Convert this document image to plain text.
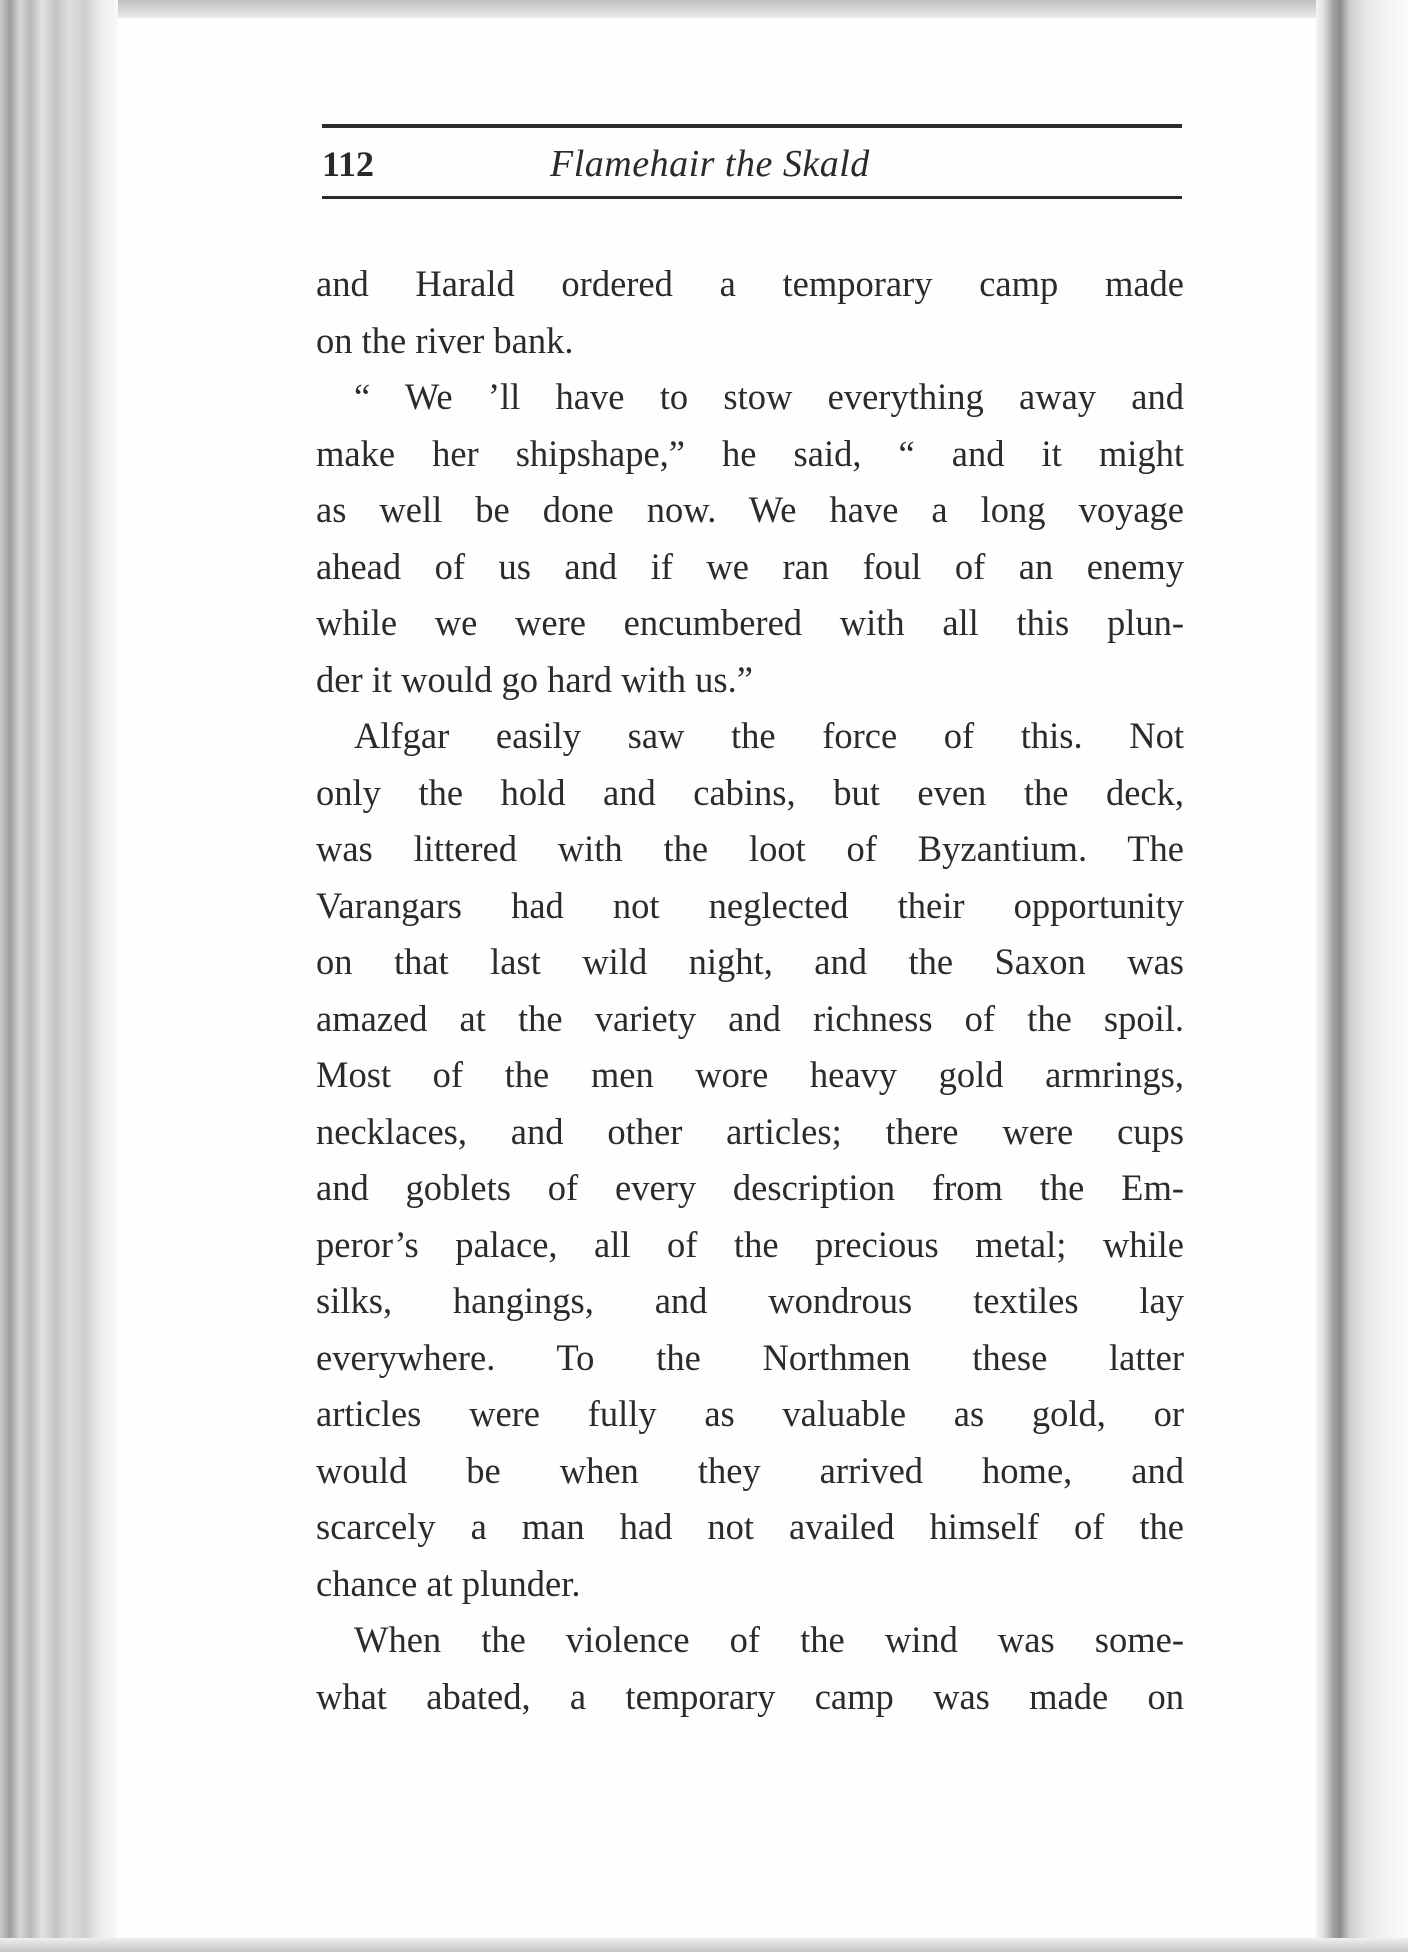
112	Flamehair the Skald
and Harald ordered a temporary camp made
on the river bank.
“ We ’ll have to stow everything away and
make her shipshape,” he said, “ and it might
as well be done now. We have a long voyage
ahead of us and if we ran foul of an enemy
while we were encumbered with all this plun-
der it would go hard with us.”
Alfgar easily saw the force of this. Not
only the hold and cabins, but even the deck,
was littered with the loot of Byzantium. The
Varangars had not neglected their opportunity
on that last wild night, and the Saxon was
amazed at the variety and richness of the spoil.
Most of the men wore heavy gold armrings,
necklaces, and other articles; there were cups
and goblets of every description from the Em-
peror’s palace, all of the precious metal; while
silks, hangings, and wondrous textiles lay
everywhere. To the Northmen these latter
articles were fully as valuable as gold, or
would be when they arrived home, and
scarcely a man had not availed himself of the
chance at plunder.
When the violence of the wind was some-
what abated, a temporary camp was made on
